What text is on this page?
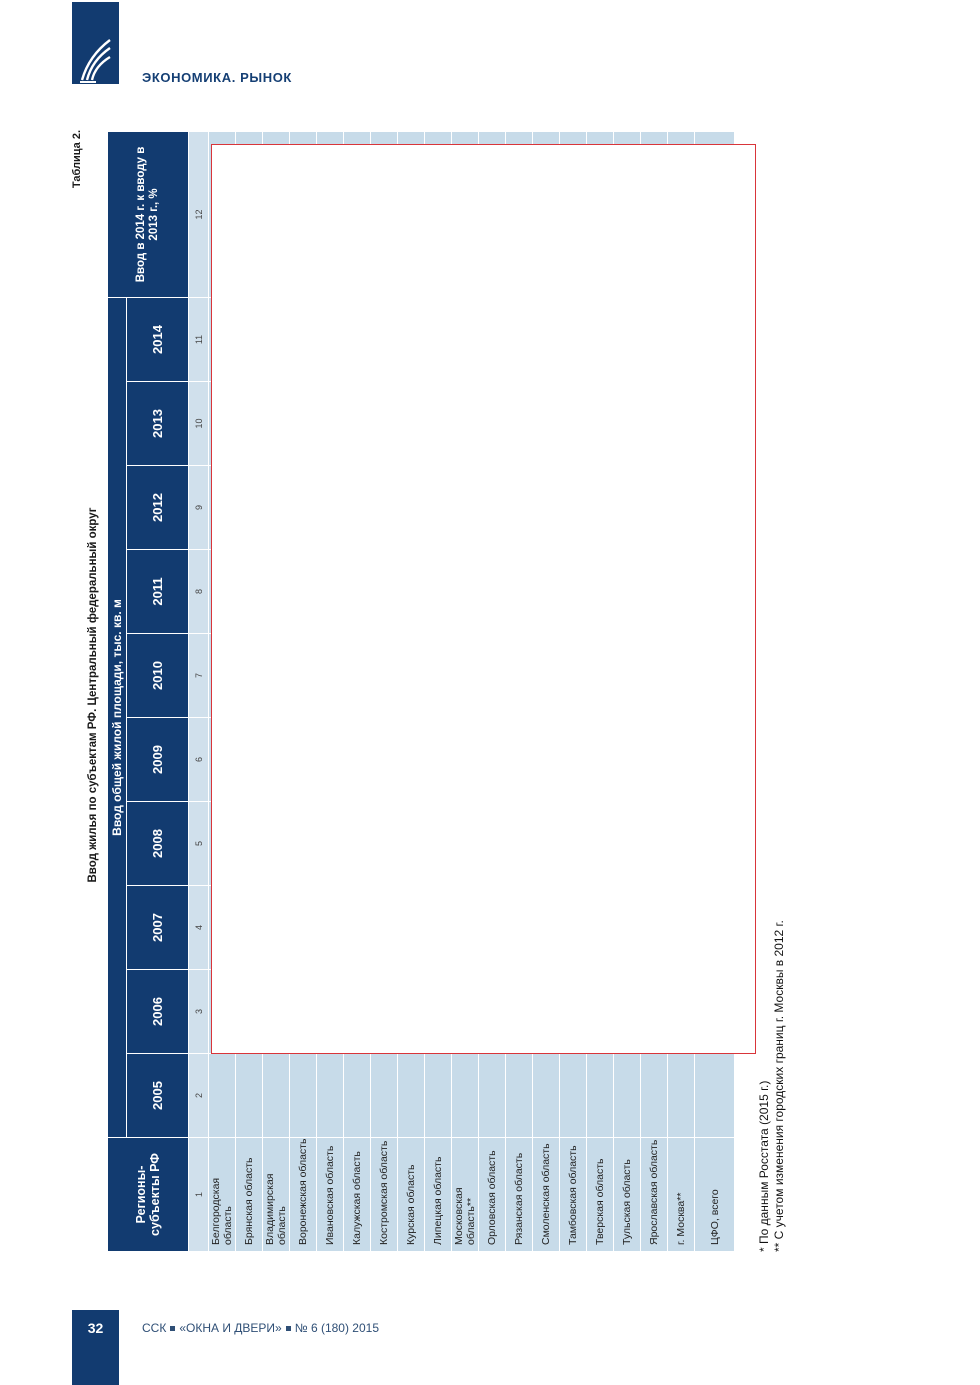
ЭКОНОМИКА. РЫНОК
Таблица 2.
Ввод жилья по субъектам РФ. Центральный федеральный округ
Регионы-субъекты РФ	Ввод общей жилой площади, тыс. кв. м										Ввод в 2014 г. к вводу в 2013 г., %
	2005	2006	2007	2008	2009	2010	2011	2012	2013	2014	
1	2	3	4	5	6	7	8	9	10	11	12
Белгородская область											
Брянская область											
Владимирская область											
Воронежская область											
Ивановская область											
Калужская область											
Костромская область											
Курская область											
Липецкая область											
Московская область**											
Орловская область											
Рязанская область											
Смоленская область											
Тамбовская область											
Тверская область											
Тульская область											
Ярославская область											
г. Москва**											
ЦФО, всего												* По данным Росстата (2015 г.) ** С учетом изменения городских границ г. Москвы в 2012 г.
32	ССК «ОКНА И ДВЕРИ» № 6 (180) 2015
